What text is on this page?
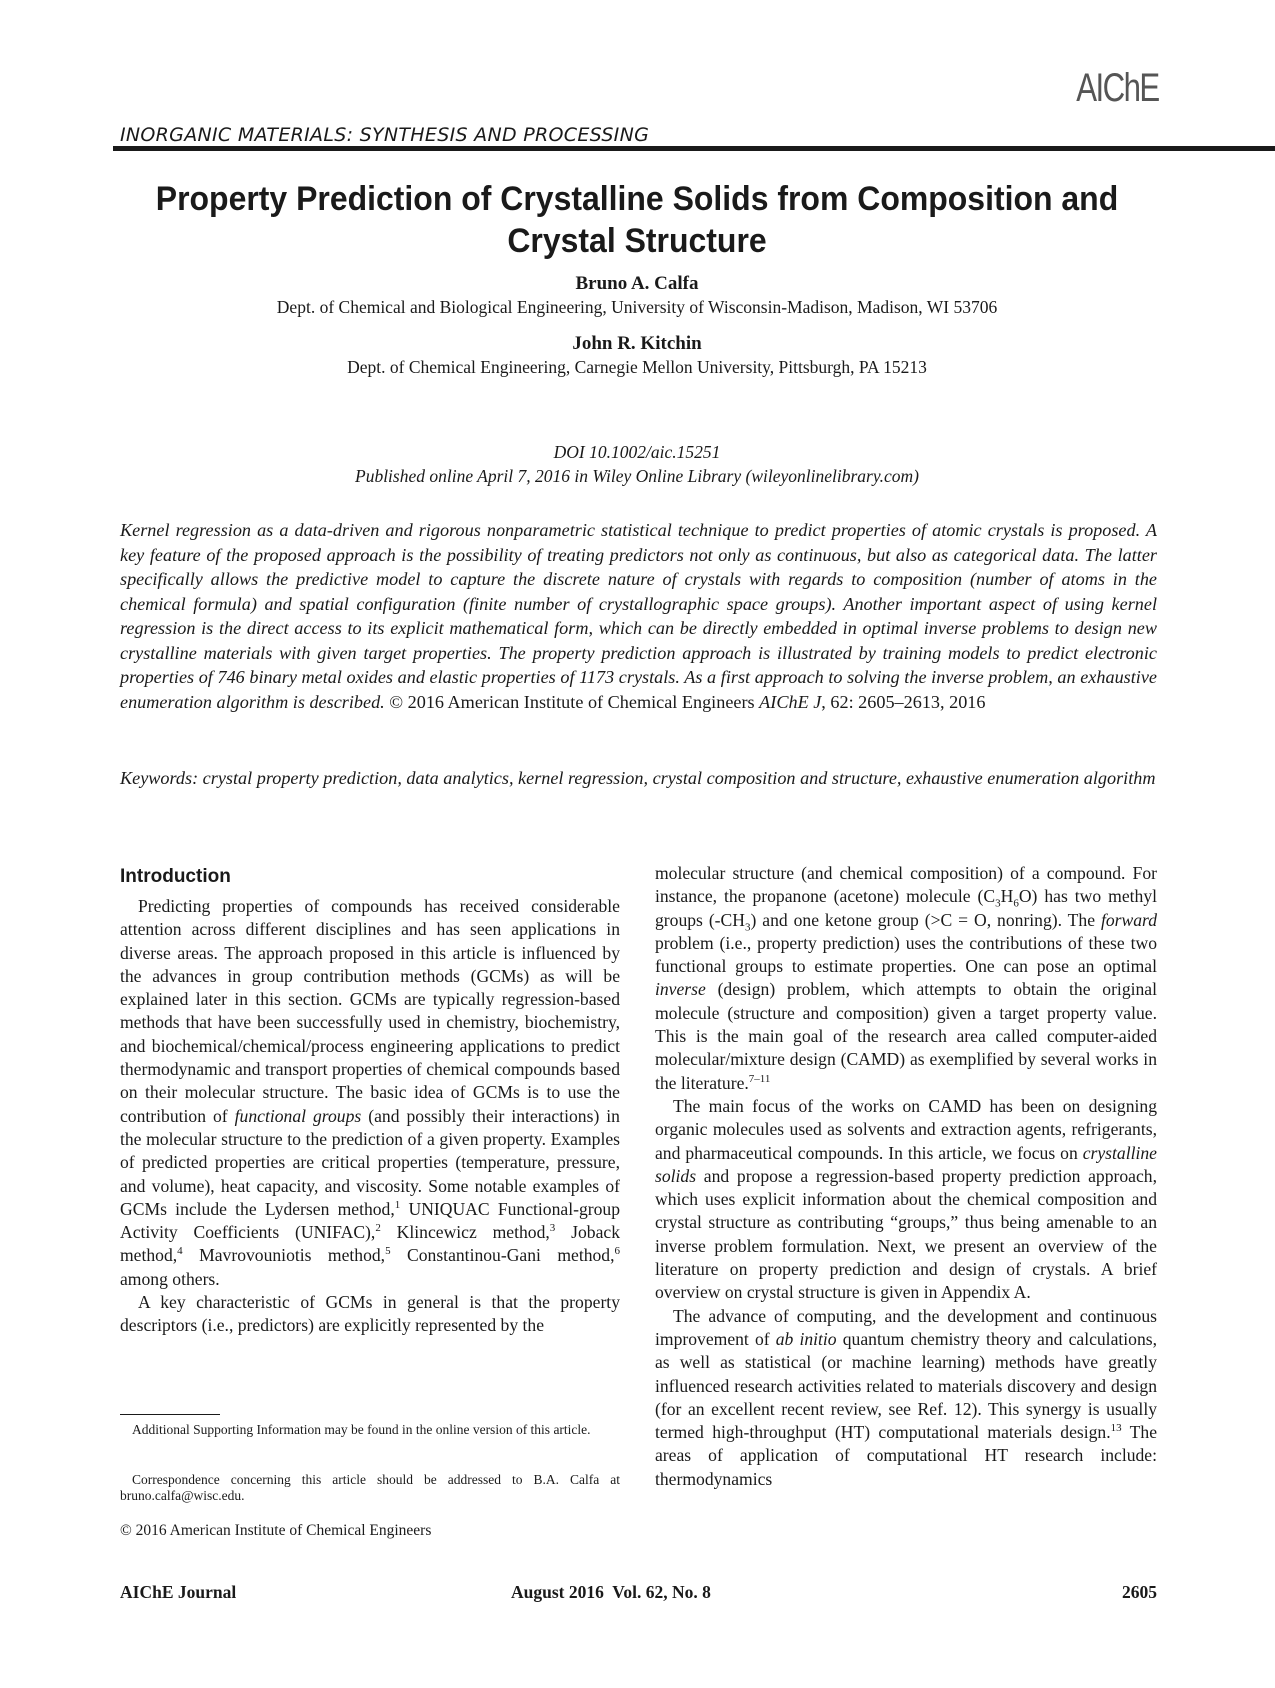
AIChE
INORGANIC MATERIALS: SYNTHESIS AND PROCESSING
Property Prediction of Crystalline Solids from Composition and
Crystal Structure
Bruno A. Calfa
Dept. of Chemical and Biological Engineering, University of Wisconsin-Madison, Madison, WI 53706
John R. Kitchin
Dept. of Chemical Engineering, Carnegie Mellon University, Pittsburgh, PA 15213
DOI 10.1002/aic.15251
Published online April 7, 2016 in Wiley Online Library (wileyonlinelibrary.com)
Kernel regression as a data-driven and rigorous nonparametric statistical technique to predict properties of atomic crystals is proposed. A key feature of the proposed approach is the possibility of treating predictors not only as continuous, but also as categorical data. The latter specifically allows the predictive model to capture the discrete nature of crystals with regards to composition (number of atoms in the chemical formula) and spatial configuration (finite number of crystallographic space groups). Another important aspect of using kernel regression is the direct access to its explicit mathematical form, which can be directly embedded in optimal inverse problems to design new crystalline materials with given target properties. The property prediction approach is illustrated by training models to predict electronic properties of 746 binary metal oxides and elastic properties of 1173 crystals. As a first approach to solving the inverse problem, an exhaustive enumeration algorithm is described. © 2016 American Institute of Chemical Engineers AIChE J, 62: 2605–2613, 2016
Keywords: crystal property prediction, data analytics, kernel regression, crystal composition and structure, exhaustive enumeration algorithm
Introduction

Predicting properties of compounds has received considerable attention across different disciplines and has seen applications in diverse areas. The approach proposed in this article is influenced by the advances in group contribution methods (GCMs) as will be explained later in this section. GCMs are typically regression-based methods that have been successfully used in chemistry, biochemistry, and biochemical/chemical/process engineering applications to predict thermodynamic and transport properties of chemical compounds based on their molecular structure. The basic idea of GCMs is to use the contribution of functional groups (and possibly their interactions) in the molecular structure to the prediction of a given property. Examples of predicted properties are critical properties (temperature, pressure, and volume), heat capacity, and viscosity. Some notable examples of GCMs include the Lydersen method,$^1$ UNIQUAC Functional-group Activity Coefficients (UNIFAC),$^2$ Klincewicz method,$^3$ Joback method,$^4$ Mavrovouniotis method,$^5$ Constantinou-Gani method,$^6$ among others.

A key characteristic of GCMs in general is that the property descriptors (i.e., predictors) are explicitly represented by the

Additional Supporting Information may be found in the online version of this article.
Correspondence concerning this article should be addressed to B.A. Calfa at bruno.calfa@wisc.edu.
© 2016 American Institute of Chemical Engineers

molecular structure (and chemical composition) of a compound. For instance, the propanone (acetone) molecule $(C_3H_6O)$ has two methyl groups $(-CH_3)$ and one ketone group (>C = O, nonring). The forward problem (i.e., property prediction) uses the contributions of these two functional groups to estimate properties. One can pose an optimal inverse (design) problem, which attempts to obtain the original molecule (structure and composition) given a target property value. This is the main goal of the research area called computer-aided molecular/mixture design (CAMD) as exemplified by several works in the literature.$^{7-11}$

The main focus of the works on CAMD has been on designing organic molecules used as solvents and extraction agents, refrigerants, and pharmaceutical compounds. In this article, we focus on crystalline solids and propose a regression-based property prediction approach, which uses explicit information about the chemical composition and crystal structure as contributing “groups,” thus being amenable to an inverse problem formulation. Next, we present an overview of the literature on property prediction and design of crystals. A brief overview on crystal structure is given in Appendix A.

The advance of computing, and the development and continuous improvement of ab initio quantum chemistry theory and calculations, as well as statistical (or machine learning) methods have greatly influenced research activities related to materials discovery and design (for an excellent recent review, see Ref. 12). This synergy is usually termed high-throughput (HT) computational materials design.$^{13}$ The areas of application of computational HT research include: thermodynamics

AIChE Journal	August 2016  Vol. 62, No. 8	2605
